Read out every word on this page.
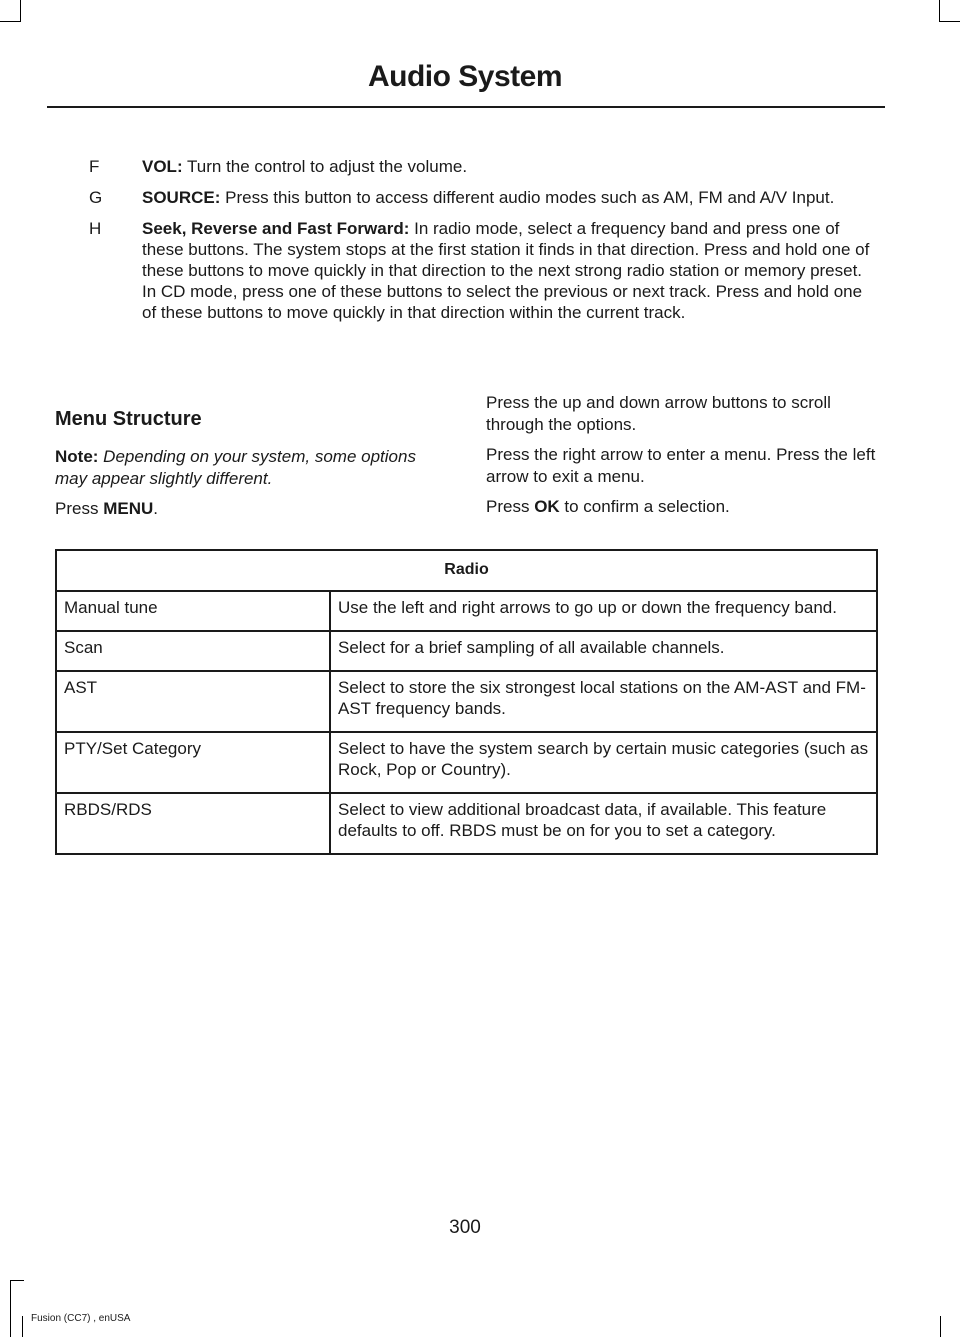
Audio System
F	VOL: Turn the control to adjust the volume.
G SOURCE: Press this button to access different audio modes such as AM, FM and A/V Input.
H Seek, Reverse and Fast Forward: In radio mode, select a frequency band and press one of these buttons. The system stops at the first station it finds in that direction. Press and hold one of these buttons to move quickly in that direction to the next strong radio station or memory preset. In CD mode, press one of these buttons to select the previous or next track. Press and hold one of these buttons to move quickly in that direction within the current track.
Menu Structure

Note: Depending on your system, some options may appear slightly different.

Press MENU.

Press the up and down arrow buttons to scroll through the options.

Press the right arrow to enter a menu. Press the left arrow to exit a menu.

Press OK to confirm a selection.

Radio	
Manual tune	Use the left and right arrows to go up or down the frequency band.
Scan	Select for a brief sampling of all available channels.
AST	Select to store the six strongest local stations on the AM-AST and FM-AST frequency bands.
PTY/Set Category	Select to have the system search by certain music categories (such as Rock, Pop or Country).
RBDS/RDS	Select to view additional broadcast data, if available. This feature defaults to off. RBDS must be on for you to set a category.
300
Fusion (CC7) , enUSA
